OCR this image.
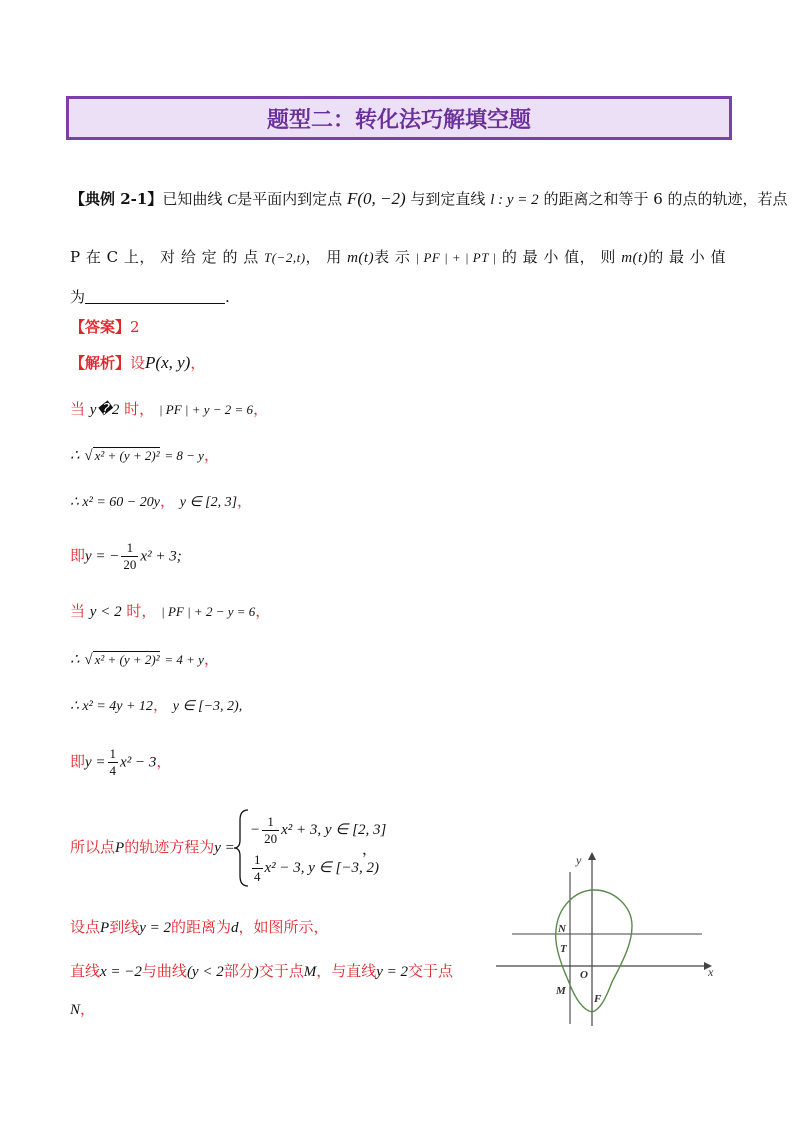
题型二：转化法巧解填空题
【典例 2-1】已知曲线 C是平面内到定点 F(0, −2) 与到定直线 l : y = 2 的距离之和等于 6 的点的轨迹，若点
P 在 C 上， 对 给 定 的 点 T(−2,t)， 用 m(t)表 示 | PF | + | PT | 的 最 小 值， 则 m(t)的 最 小 值
为	.
【答案】2
【解析】设P(x, y)，
当 y�2 时， | PF | + y − 2 = 6，
∴ √ x² + (y + 2)² = 8 − y，
∴ x² = 60 − 20y， y ∈ [2, 3]，
即y = − $\frac{1}{20} x^2 + 3$;
当 y < 2 时， | PF | + 2 − y = 6，
∴ √ x² + (y + 2)² = 4 + y，
∴ x² = 4y + 12， y ∈ [−3, 2),
即$y = \frac{1}{4} x^2 - 3$，
所以点P的轨迹方程为y =
− $\frac{1}{20} x^2 + 3$, y ∈ [2, 3]
$\frac{1}{4} x^2 - 3$, y ∈ [−3, 2)
，
设点P到线y = 2的距离为d，如图所示，
直线x = −2与曲线(y < 2部分)交于点M，与直线y = 2交于点
N，
y
x
N
T
O
M
F
